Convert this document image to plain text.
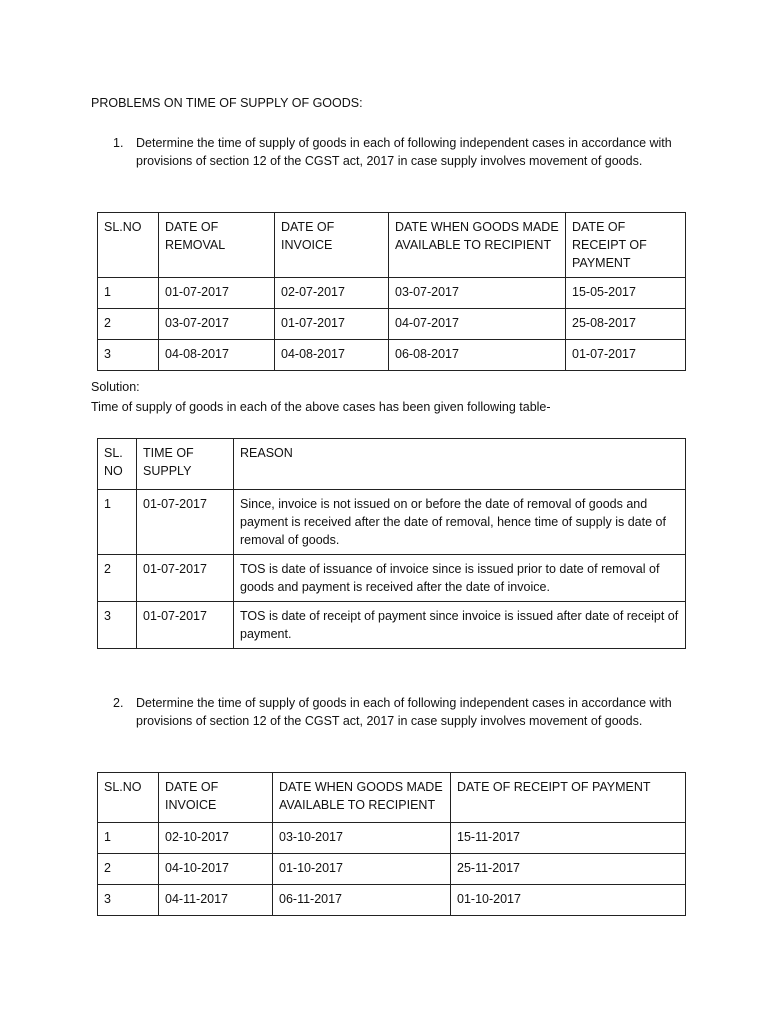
PROBLEMS ON TIME OF SUPPLY OF GOODS:
1. Determine the time of supply of goods in each of following independent cases in accordance with provisions of section 12 of the CGST act, 2017 in case supply involves movement of goods.
SL.NO	DATE OF REMOVAL	DATE OF INVOICE	DATE WHEN GOODS MADE AVAILABLE TO RECIPIENT	DATE OF RECEIPT OF PAYMENT
1	01-07-2017	02-07-2017	03-07-2017	15-05-2017
2	03-07-2017	01-07-2017	04-07-2017	25-08-2017
3	04-08-2017	04-08-2017	06-08-2017	01-07-2017
Solution:
Time of supply of goods in each of the above cases has been given following table-
SL.NO	TIME OF SUPPLY	REASON
1	01-07-2017	Since, invoice is not issued on or before the date of removal of goods and payment is received after the date of removal, hence time of supply is date of removal of goods.
2	01-07-2017	TOS is date of issuance of invoice since is issued prior to date of removal of goods and payment is received after the date of invoice.
3	01-07-2017	TOS is date of receipt of payment since invoice is issued after date of receipt of payment.
2. Determine the time of supply of goods in each of following independent cases in accordance with provisions of section 12 of the CGST act, 2017 in case supply involves movement of goods.
SL.NO	DATE OF INVOICE	DATE WHEN GOODS MADE AVAILABLE TO RECIPIENT	DATE OF RECEIPT OF PAYMENT
1	02-10-2017	03-10-2017	15-11-2017
2	04-10-2017	01-10-2017	25-11-2017
3	04-11-2017	06-11-2017	01-10-2017
